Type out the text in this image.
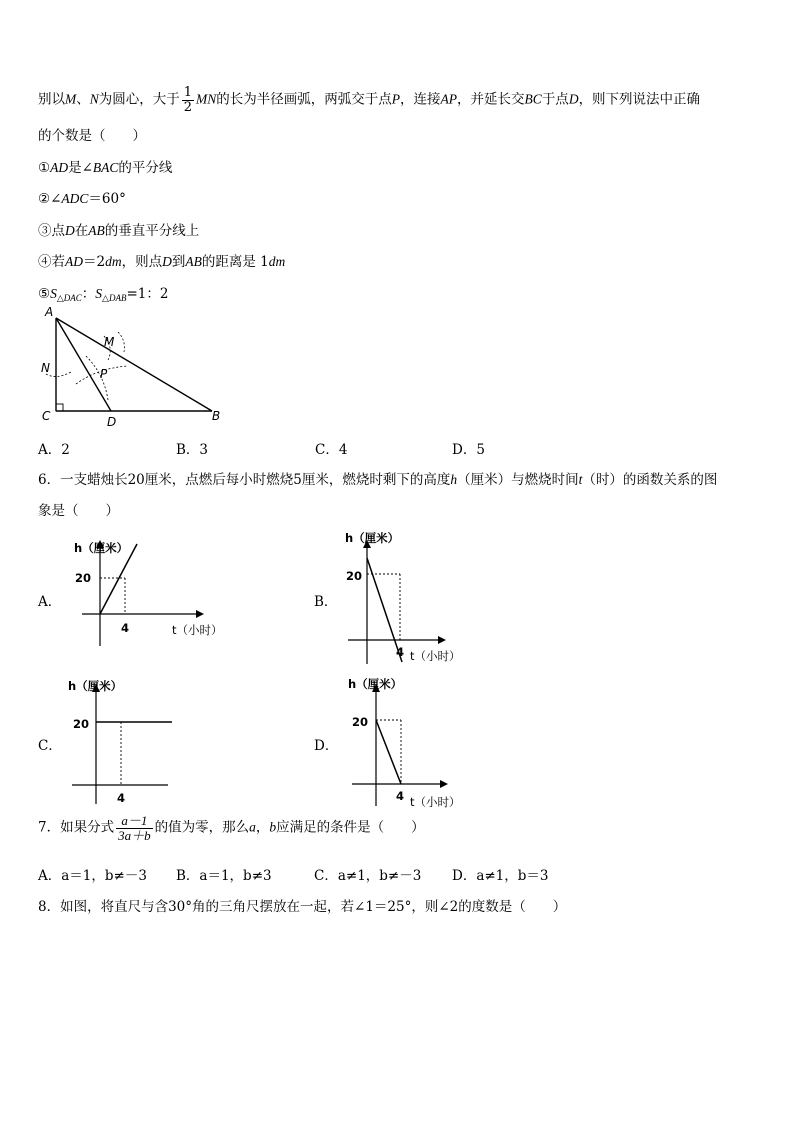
别以M、N为圆心，大于 $\frac{1}{2}$ MN的长为半径画弧，两弧交于点P，连接AP，并延长交BC于点D，则下列说法中正确
的个数是（　　）
①AD是∠BAC的平分线
②∠ADC＝60°
③点D在AB的垂直平分线上
④若AD＝2dm，则点D到AB的距离是 1dm
$⑤S_{\triangle DAC}$：$S_{\triangle DAB}=1$：2
A
M
N	P
C	D	B
A．2	B．3	C．4	D．5
6．一支蜡烛长20厘米，点燃后每小时燃烧5厘米，燃烧时剩下的高度h（厘米）与燃烧时间t（时）的函数关系的图
象是（　　）
A．
h（厘米）
20
4	t（小时）
B．
h（厘米）
20
4 t（小时）
C．
h（厘米）
20
4
D．
h（厘米）
20
4 t（小时）
7．如果分式 $\frac{a-1}{3a+b}$ 的值为零，那么a，b应满足的条件是（　　）
A．a＝1，b≠－3 B．a＝1，b≠3	C．a≠1，b≠－3 D．a≠1，b＝3
8．如图，将直尺与含30°角的三角尺摆放在一起，若∠1＝25°，则∠2的度数是（　　）
